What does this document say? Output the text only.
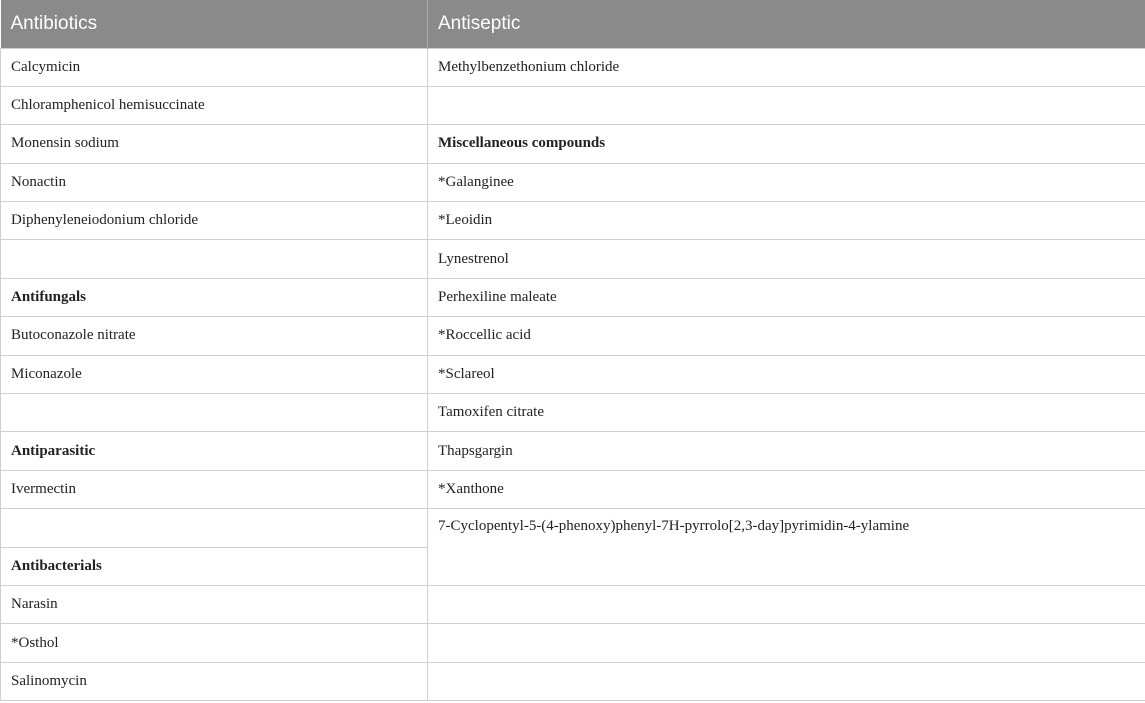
Antibiotics	Antiseptic
Calcymicin	Methylbenzethonium chloride
Chloramphenicol hemisuccinate	
Monensin sodium	Miscellaneous compounds
Nonactin	*Galanginee
Diphenyleneiodonium chloride	*Leoidin
	Lynestrenol
Antifungals	Perhexiline maleate
Butoconazole nitrate	*Roccellic acid
Miconazole	*Sclareol
	Tamoxifen citrate
Antiparasitic	Thapsgargin
Ivermectin	*Xanthone
	7-Cyclopentyl-5-(4-phenoxy)phenyl-7H-pyrrolo[2,3-day]pyrimidin-4-ylamine
Antibacterials	
Narasin	
*Osthol	
Salinomycin	
